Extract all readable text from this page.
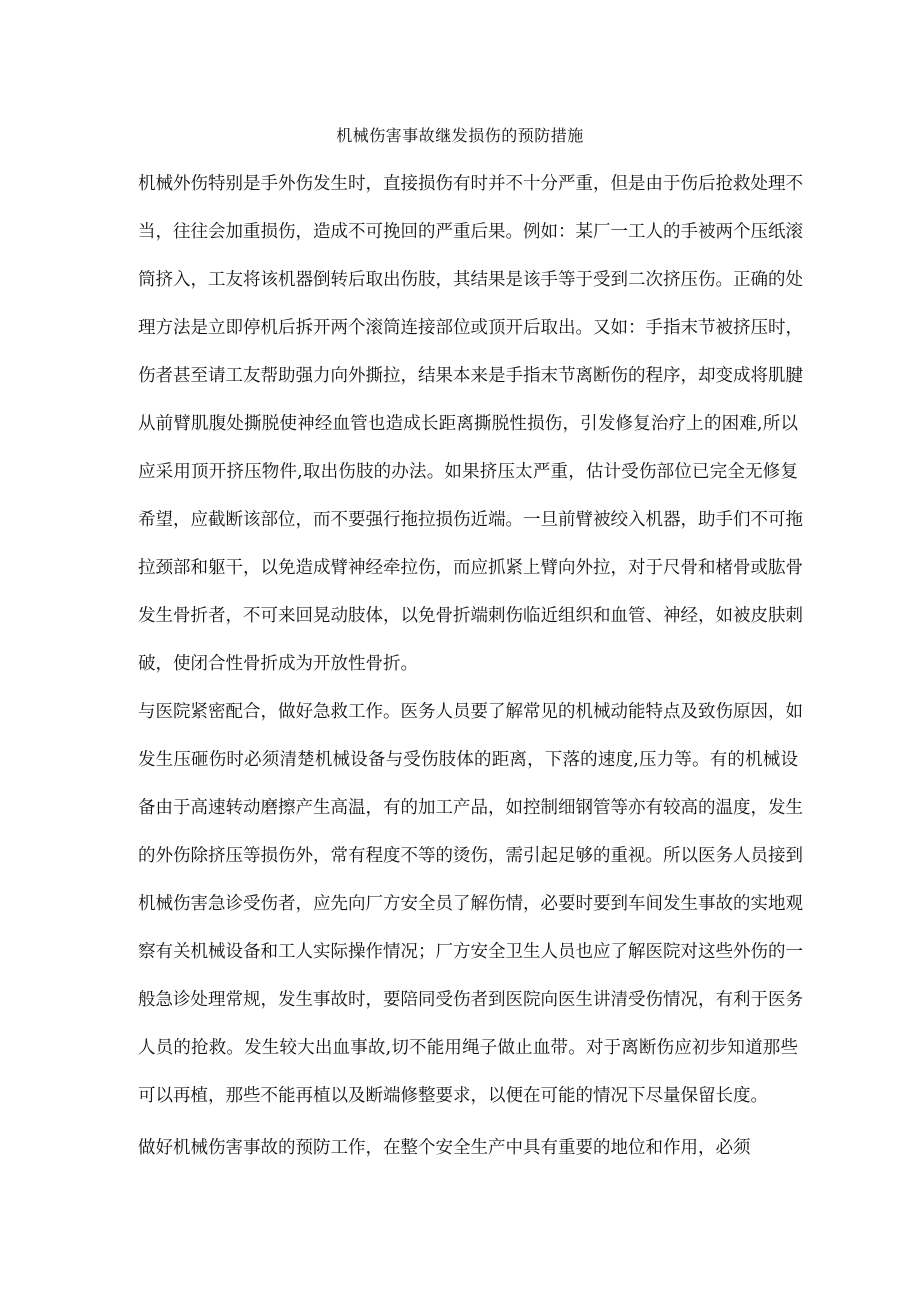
机械伤害事故继发损伤的预防措施
机械外伤特别是手外伤发生时，直接损伤有时并不十分严重，但是由于伤后抢救处理不
当，往往会加重损伤，造成不可挽回的严重后果。例如：某厂一工人的手被两个压纸滚
筒挤入，工友将该机器倒转后取出伤肢，其结果是该手等于受到二次挤压伤。正确的处
理方法是立即停机后拆开两个滚筒连接部位或顶开后取出。又如：手指末节被挤压时，
伤者甚至请工友帮助强力向外撕拉，结果本来是手指末节离断伤的程序，却变成将肌腱
从前臂肌腹处撕脱使神经血管也造成长距离撕脱性损伤，引发修复治疗上的困难,所以
应采用顶开挤压物件,取出伤肢的办法。如果挤压太严重，估计受伤部位已完全无修复
希望，应截断该部位，而不要强行拖拉损伤近端。一旦前臂被绞入机器，助手们不可拖
拉颈部和躯干，以免造成臂神经牵拉伤，而应抓紧上臂向外拉，对于尺骨和楮骨或肱骨
发生骨折者，不可来回晃动肢体，以免骨折端刺伤临近组织和血管、神经，如被皮肤刺
破，使闭合性骨折成为开放性骨折。
与医院紧密配合，做好急救工作。医务人员要了解常见的机械动能特点及致伤原因，如
发生压砸伤时必须清楚机械设备与受伤肢体的距离，下落的速度,压力等。有的机械设
备由于高速转动磨擦产生高温，有的加工产品，如控制细钢管等亦有较高的温度，发生
的外伤除挤压等损伤外，常有程度不等的烫伤，需引起足够的重视。所以医务人员接到
机械伤害急诊受伤者，应先向厂方安全员了解伤情，必要时要到车间发生事故的实地观
察有关机械设备和工人实际操作情况；厂方安全卫生人员也应了解医院对这些外伤的一
般急诊处理常规，发生事故时，要陪同受伤者到医院向医生讲清受伤情况，有利于医务
人员的抢救。发生较大出血事故,切不能用绳子做止血带。对于离断伤应初步知道那些
可以再植，那些不能再植以及断端修整要求，以便在可能的情况下尽量保留长度。
做好机械伤害事故的预防工作，在整个安全生产中具有重要的地位和作用，必须
